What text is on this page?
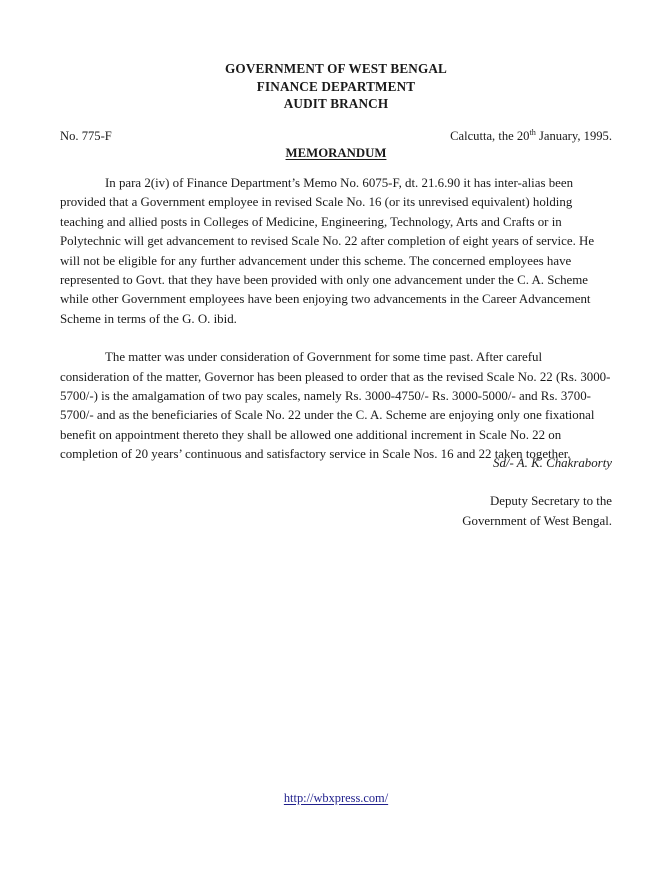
GOVERNMENT OF WEST BENGAL
FINANCE DEPARTMENT
AUDIT BRANCH
No. 775-F	Calcutta, the 20th January, 1995.
MEMORANDUM

In para 2(iv) of Finance Department’s Memo No. 6075-F, dt. 21.6.90 it has inter-alias been provided that a Government employee in revised Scale No. 16 (or its unrevised equivalent) holding teaching and allied posts in Colleges of Medicine, Engineering, Technology, Arts and Crafts or in Polytechnic will get advancement to revised Scale No. 22 after completion of eight years of service. He will not be eligible for any further advancement under this scheme. The concerned employees have represented to Govt. that they have been provided with only one advancement under the C. A. Scheme while other Government employees have been enjoying two advancements in the Career Advancement Scheme in terms of the G. O. ibid.

The matter was under consideration of Government for some time past. After careful consideration of the matter, Governor has been pleased to order that as the revised Scale No. 22 (Rs. 3000-5700/-) is the amalgamation of two pay scales, namely Rs. 3000-4750/- Rs. 3000-5000/- and Rs. 3700-5700/- and as the beneficiaries of Scale No. 22 under the C. A. Scheme are enjoying only one fixational benefit on appointment thereto they shall be allowed one additional increment in Scale No. 22 on completion of 20 years’ continuous and satisfactory service in Scale Nos. 16 and 22 taken together.

Sd/- A. K. Chakraborty
Deputy Secretary to the
Government of West Bengal.
http://wbxpress.com/
